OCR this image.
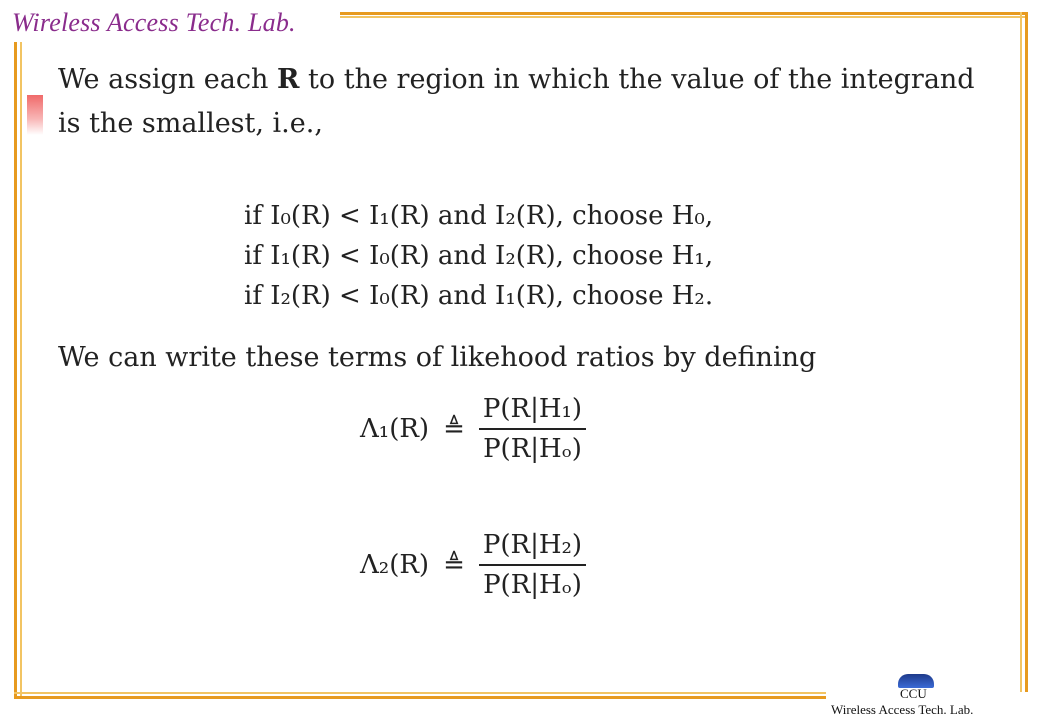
Wireless Access Tech. Lab.

We assign each R to the region in which the value of the integrand

is the smallest, i.e.,

if I₀(R) < I₁(R) and I₂(R), choose H₀,
if I₁(R) < I₀(R) and I₂(R), choose H₁,
if I₂(R) < I₀(R) and I₁(R), choose H₂.

We can write these terms of likehood ratios by defining

Λ₁(R) ≜ $\frac{\text{P(R|H₁)}}{\text{P(R|Hₒ)}}$
Λ₂(R) ≜ $\frac{\text{P(R|H₂)}}{\text{P(R|Hₒ)}}$
CCU
Wireless Access Tech. Lab.
